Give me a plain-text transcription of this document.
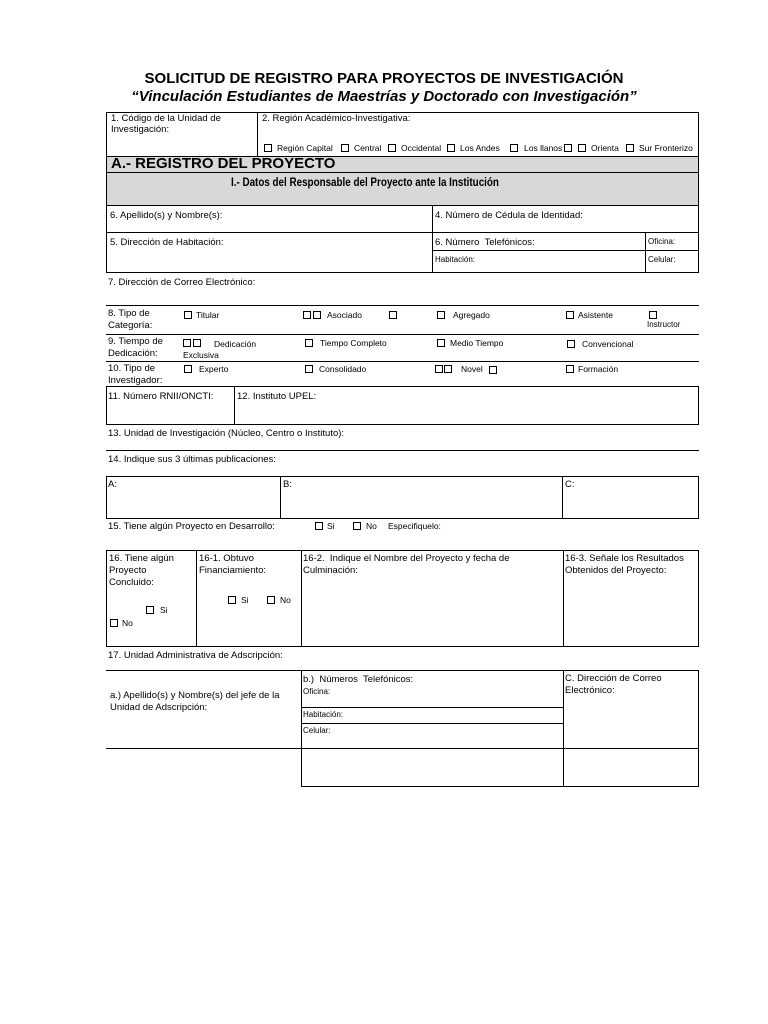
SOLICITUD DE REGISTRO PARA PROYECTOS DE INVESTIGACIÓN
“Vinculación Estudiantes de Maestrías y Doctorado con Investigación”
1. Código de la Unidad de Investigación:
2. Región Académico-Investigativa:
Región Capital Central Occidental Los Andes	Los llanos	Orienta Sur Fronterizo
A.- REGISTRO DEL PROYECTO
I.- Datos del Responsable del Proyecto ante la Institución
6. Apellido(s) y Nombre(s):	4. Número de Cédula de Identidad:
5. Dirección de Habitación:	6. Número  Telefónicos:	Oficina:
Habitación:	Celular:
7. Dirección de Correo Electrónico:
8. Tipo de Categoría:
Titular	Asociado	Agregado	Asistente
Instructor
9. Tiempo de Dedicación:
Dedicación Exclusiva
Tiempo Completo	Medio Tiempo	Convencional
10. Tipo de Investigador:
Experto	Consolidado	Novel	Formación
11. Número RNII/ONCTI: 12. Instituto UPEL:
13. Unidad de Investigación (Núcleo, Centro o Instituto):
14. Indique sus 3 últimas publicaciones:
A:	B:	C:
15. Tiene algún Proyecto en Desarrollo:	Si	No Especifiquelo:
16. Tiene algún Proyecto Concluido:
Si
No
16-1. Obtuvo Financiamiento:
Si	No
16-2.  Indique el Nombre del Proyecto y fecha de Culminación:
16-3. Señale los Resultados Obtenidos del Proyecto:
17. Unidad Administrativa de Adscripción:
a.) Apellido(s) y Nombre(s) del jefe de la Unidad de Adscripción:
b.)  Números  Telefónicos:
Oficina:
Habitación:
Celular:
C. Dirección de Correo Electrónico:
